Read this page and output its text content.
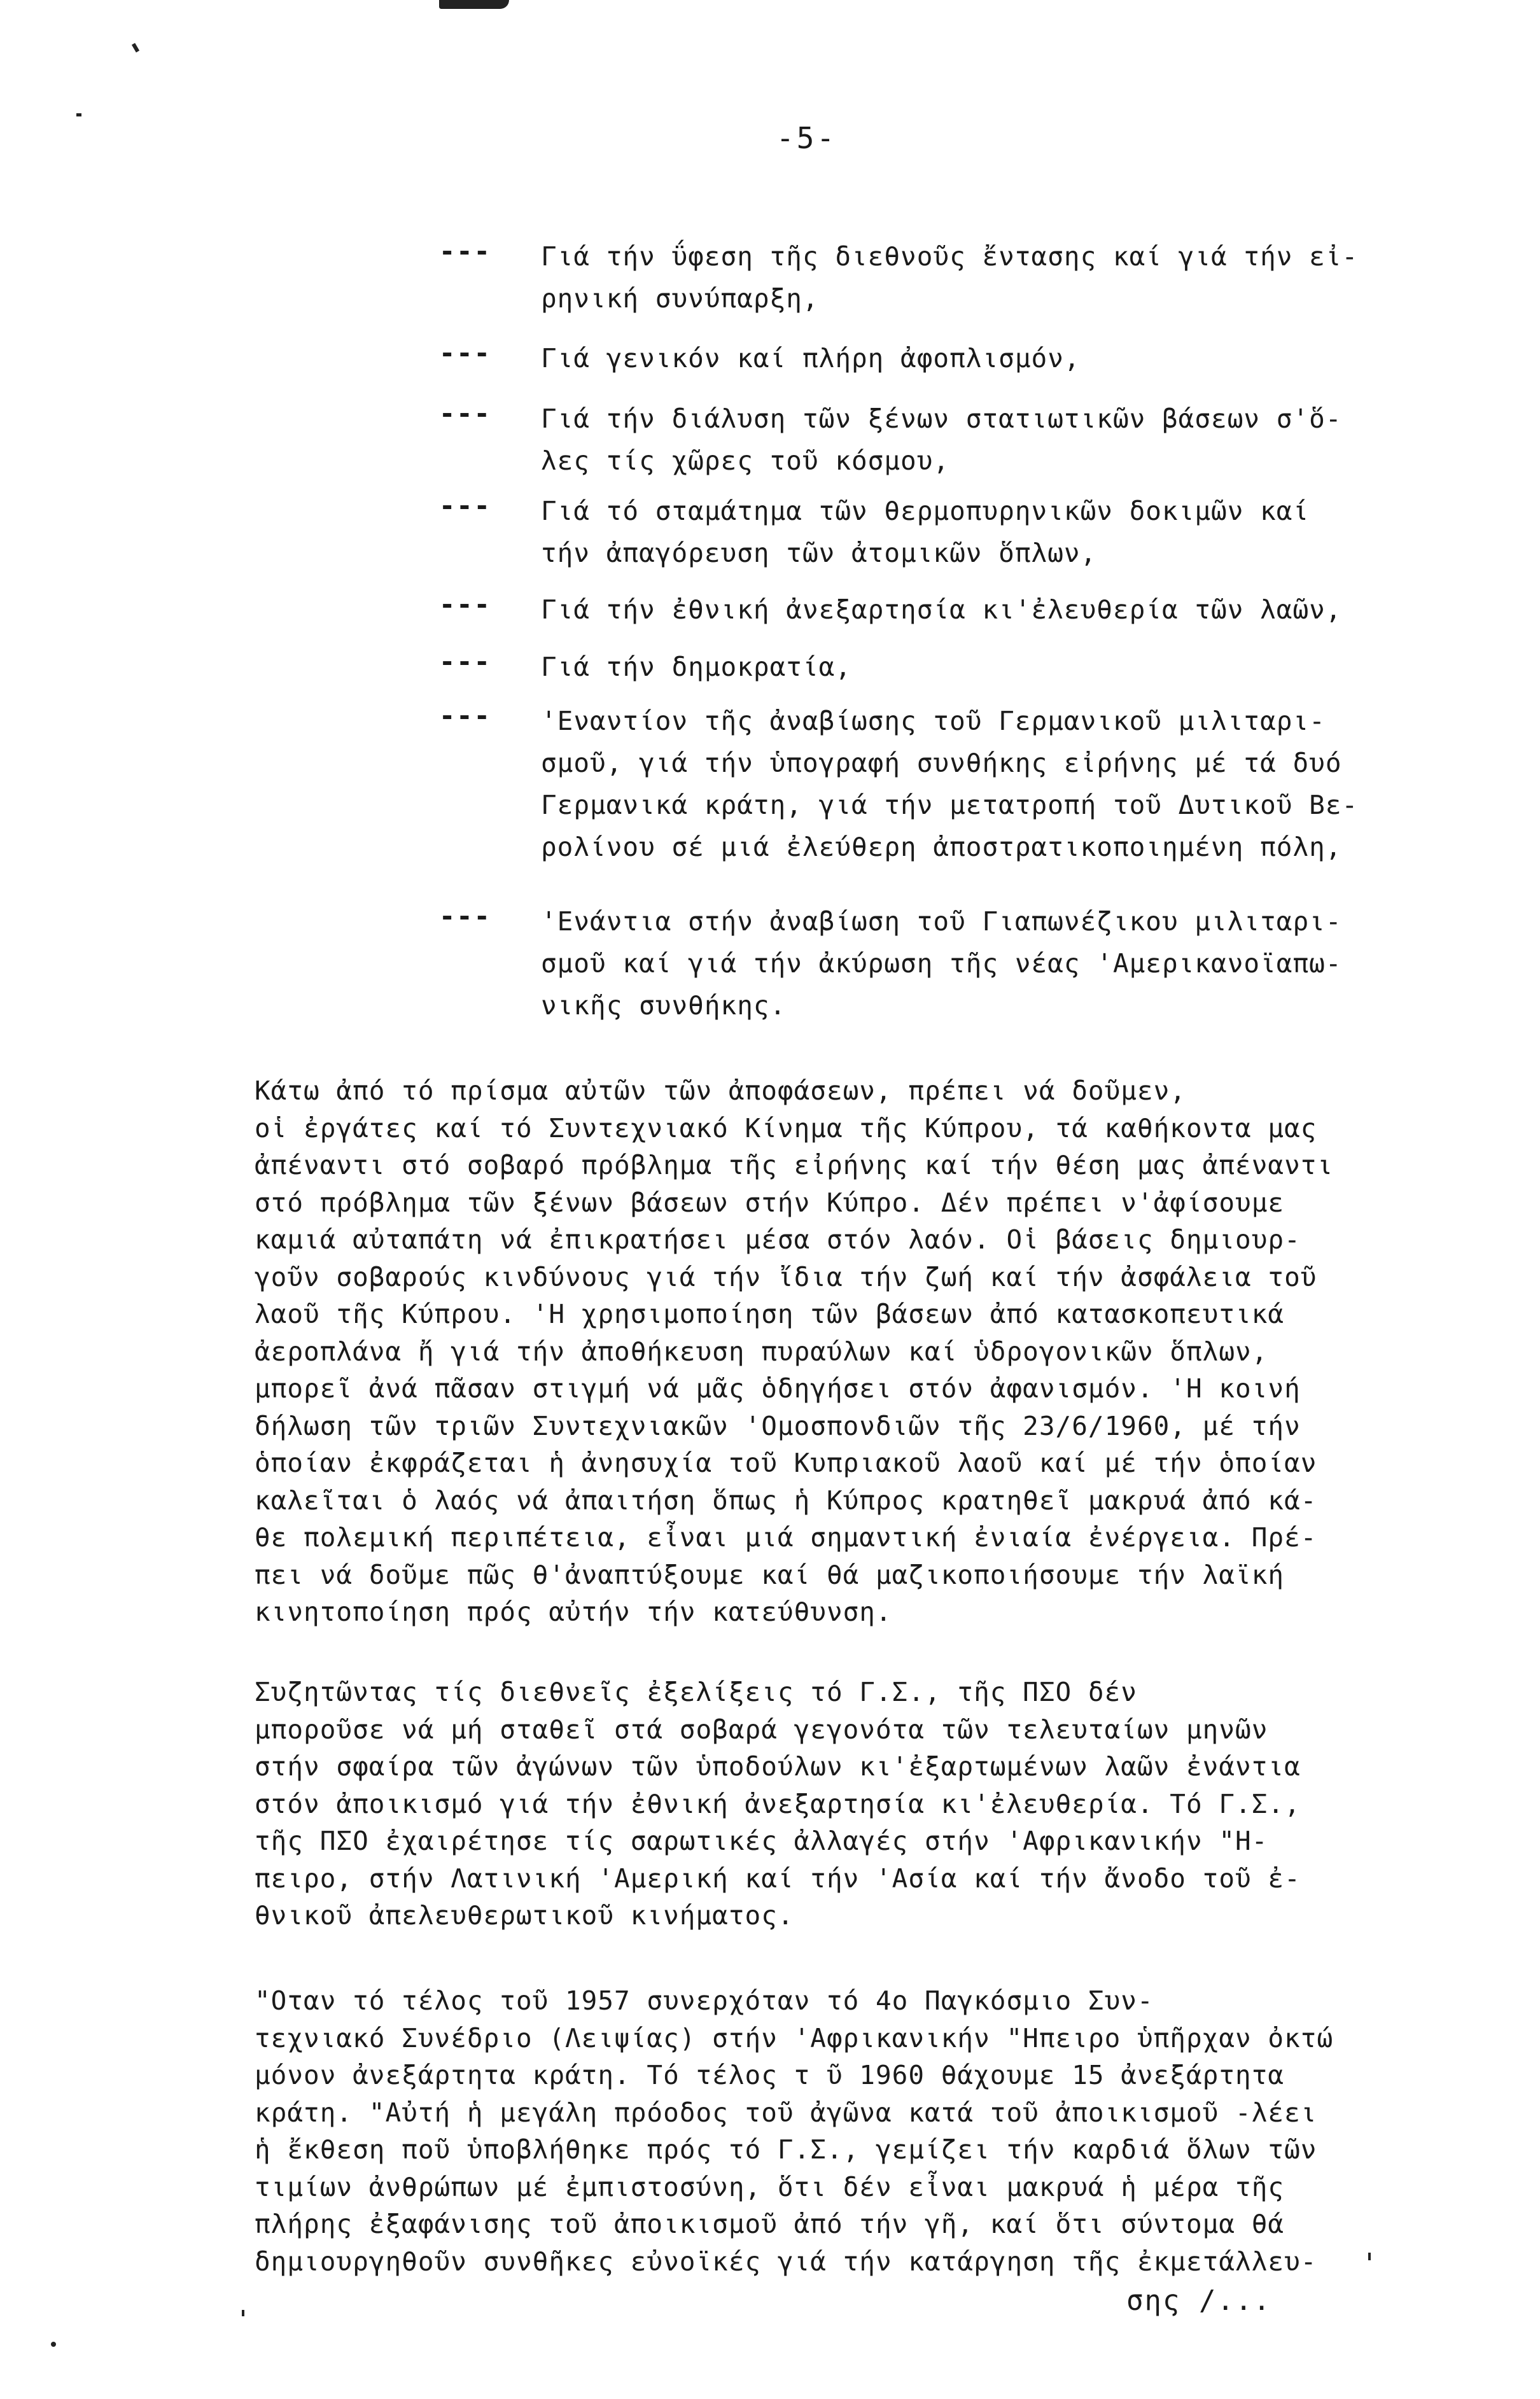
-5-
--- Γιά τήν ΰφεση τῆς διεθνοῦς ἔντασης καί γιά τήν εἰ-
ρηνική συνύπαρξη,
--- Γιά γενικόν καί πλήρη ἀφοπλισμόν,
--- Γιά τήν διάλυση τῶν ξένων στατιωτικῶν βάσεων σ'ὅ-
λες τίς χῶρες τοῦ κόσμου,
--- Γιά τό σταμάτημα τῶν θερμοπυρηνικῶν δοκιμῶν καί
τήν ἀπαγόρευση τῶν ἀτομικῶν ὅπλων,
--- Γιά τήν ἐθνική ἀνεξαρτησία κι'ἐλευθερία τῶν λαῶν,
--- Γιά τήν δημοκρατία,
--- 'Εναντίον τῆς ἀναβίωσης τοῦ Γερμανικοῦ μιλιταρι-
σμοῦ, γιά τήν ὑπογραφή συνθήκης εἰρήνης μέ τά δυό
Γερμανικά κράτη, γιά τήν μετατροπή τοῦ Δυτικοῦ Βε-
ρολίνου σέ μιά ἐλεύθερη ἀποστρατικοποιημένη πόλη,
--- 'Ενάντια στήν ἀναβίωση τοῦ Γιαπωνέζικου μιλιταρι-
σμοῦ καί γιά τήν ἀκύρωση τῆς νέας 'Αμερικανοϊαπω-
νικῆς συνθήκης.
Κάτω ἀπό τό πρίσμα αὐτῶν τῶν ἀποφάσεων, πρέπει νά δοῦμεν,
οἱ ἐργάτες καί τό Συντεχνιακό Κίνημα τῆς Κύπρου, τά καθήκοντα μας
ἀπέναντι στό σοβαρό πρόβλημα τῆς εἰρήνης καί τήν θέση μας ἀπέναντι
στό πρόβλημα τῶν ξένων βάσεων στήν Κύπρο. Δέν πρέπει ν'ἀφίσουμε
καμιά αὐταπάτη νά ἐπικρατήσει μέσα στόν λαόν. Οἱ βάσεις δημιουρ-
γοῦν σοβαρούς κινδύνους γιά τήν ἴδια τήν ζωή καί τήν ἀσφάλεια τοῦ
λαοῦ τῆς Κύπρου. 'Η χρησιμοποίηση τῶν βάσεων ἀπό κατασκοπευτικά
ἀεροπλάνα ἤ γιά τήν ἀποθήκευση πυραύλων καί ὑδρογονικῶν ὅπλων,
μπορεῖ ἀνά πᾶσαν στιγμή νά μᾶς ὁδηγήσει στόν ἀφανισμόν. 'Η κοινή
δήλωση τῶν τριῶν Συντεχνιακῶν 'Ομοσπονδιῶν τῆς 23/6/1960, μέ τήν
ὁποίαν ἐκφράζεται ἡ ἀνησυχία τοῦ Κυπριακοῦ λαοῦ καί μέ τήν ὁποίαν
καλεῖται ὁ λαός νά ἀπαιτήση ὅπως ἡ Κύπρος κρατηθεῖ μακρυά ἀπό κά-
θε πολεμική περιπέτεια, εἶναι μιά σημαντική ἐνιαία ἐνέργεια. Πρέ-
πει νά δοῦμε πῶς θ'ἀναπτύξουμε καί θά μαζικοποιήσουμε τήν λαϊκή
κινητοποίηση πρός αὐτήν τήν κατεύθυνση.
Συζητῶντας τίς διεθνεῖς ἐξελίξεις τό Γ.Σ., τῆς ΠΣΟ δέν
μποροῦσε νά μή σταθεῖ στά σοβαρά γεγονότα τῶν τελευταίων μηνῶν
στήν σφαίρα τῶν ἀγώνων τῶν ὑποδούλων κι'ἐξαρτωμένων λαῶν ἐνάντια
στόν ἀποικισμό γιά τήν ἐθνική ἀνεξαρτησία κι'ἐλευθερία. Τό Γ.Σ.,
τῆς ΠΣΟ ἐχαιρέτησε τίς σαρωτικές ἀλλαγές στήν 'Αφρικανικήν "Η-
πειρο, στήν Λατινική 'Αμερική καί τήν 'Ασία καί τήν ἄνοδο τοῦ ἐ-
θνικοῦ ἀπελευθερωτικοῦ κινήματος.
"Οταν τό τέλος τοῦ 1957 συνερχόταν τό 4ο Παγκόσμιο Συν-
τεχνιακό Συνέδριο (Λειψίας) στήν 'Αφρικανικήν "Ηπειρο ὑπῆρχαν ὀκτώ
μόνον ἀνεξάρτητα κράτη. Τό τέλος τ ῦ 1960 θάχουμε 15 ἀνεξάρτητα
κράτη. "Αὐτή ἡ μεγάλη πρόοδος τοῦ ἀγῶνα κατά τοῦ ἀποικισμοῦ -λέει
ἡ ἔκθεση ποῦ ὑποβλήθηκε πρός τό Γ.Σ., γεμίζει τήν καρδιά ὅλων τῶν
τιμίων ἀνθρώπων μέ ἐμπιστοσύνη, ὅτι δέν εἶναι μακρυά ἡ μέρα τῆς
πλήρης ἐξαφάνισης τοῦ ἀποικισμοῦ ἀπό τήν γῆ, καί ὅτι σύντομα θά
δημιουργηθοῦν συνθῆκες εὐνοϊκές γιά τήν κατάργηση τῆς ἐκμετάλλευ-
σης /...
